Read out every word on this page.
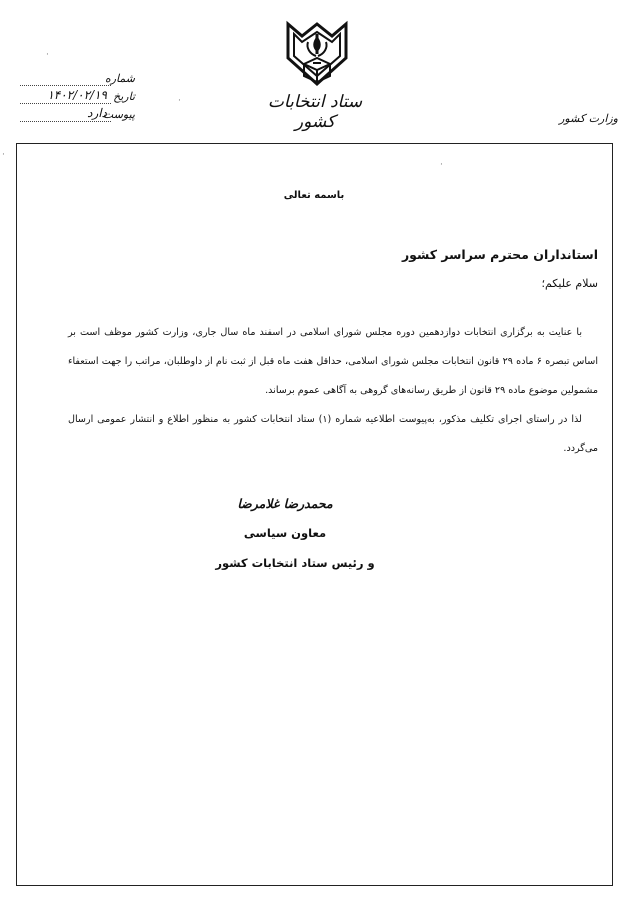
ستاد انتخابات کشور	وزارت کشور
شماره
تاریخ
۱۴۰۲/۰۲/۱۹
پیوست
دارد
·
·
·
·
باسمه تعالی
استانداران محترم سراسر کشور
سلام علیکم؛

با عنایت به برگزاری انتخابات دوازدهمین دوره مجلس شورای اسلامی در اسفند ماه سال جاری، وزارت کشور موظف است بر اساس تبصره ۶ ماده ۲۹ قانون انتخابات مجلس شورای اسلامی، حداقل هفت ماه قبل از ثبت نام از داوطلبان، مراتب را جهت استعفاء مشمولین موضوع ماده ۲۹ قانون از طریق رسانه‌های گروهی به آگاهی عموم برساند.

لذا در راستای اجرای تکلیف مذکور، به‌پیوست اطلاعیه شماره (۱) ستاد انتخابات کشور به منظور اطلاع و انتشار عمومی ارسال می‌گردد.

محمدرضا غلامرضا
معاون سیاسی
و رئیس ستاد انتخابات کشور
